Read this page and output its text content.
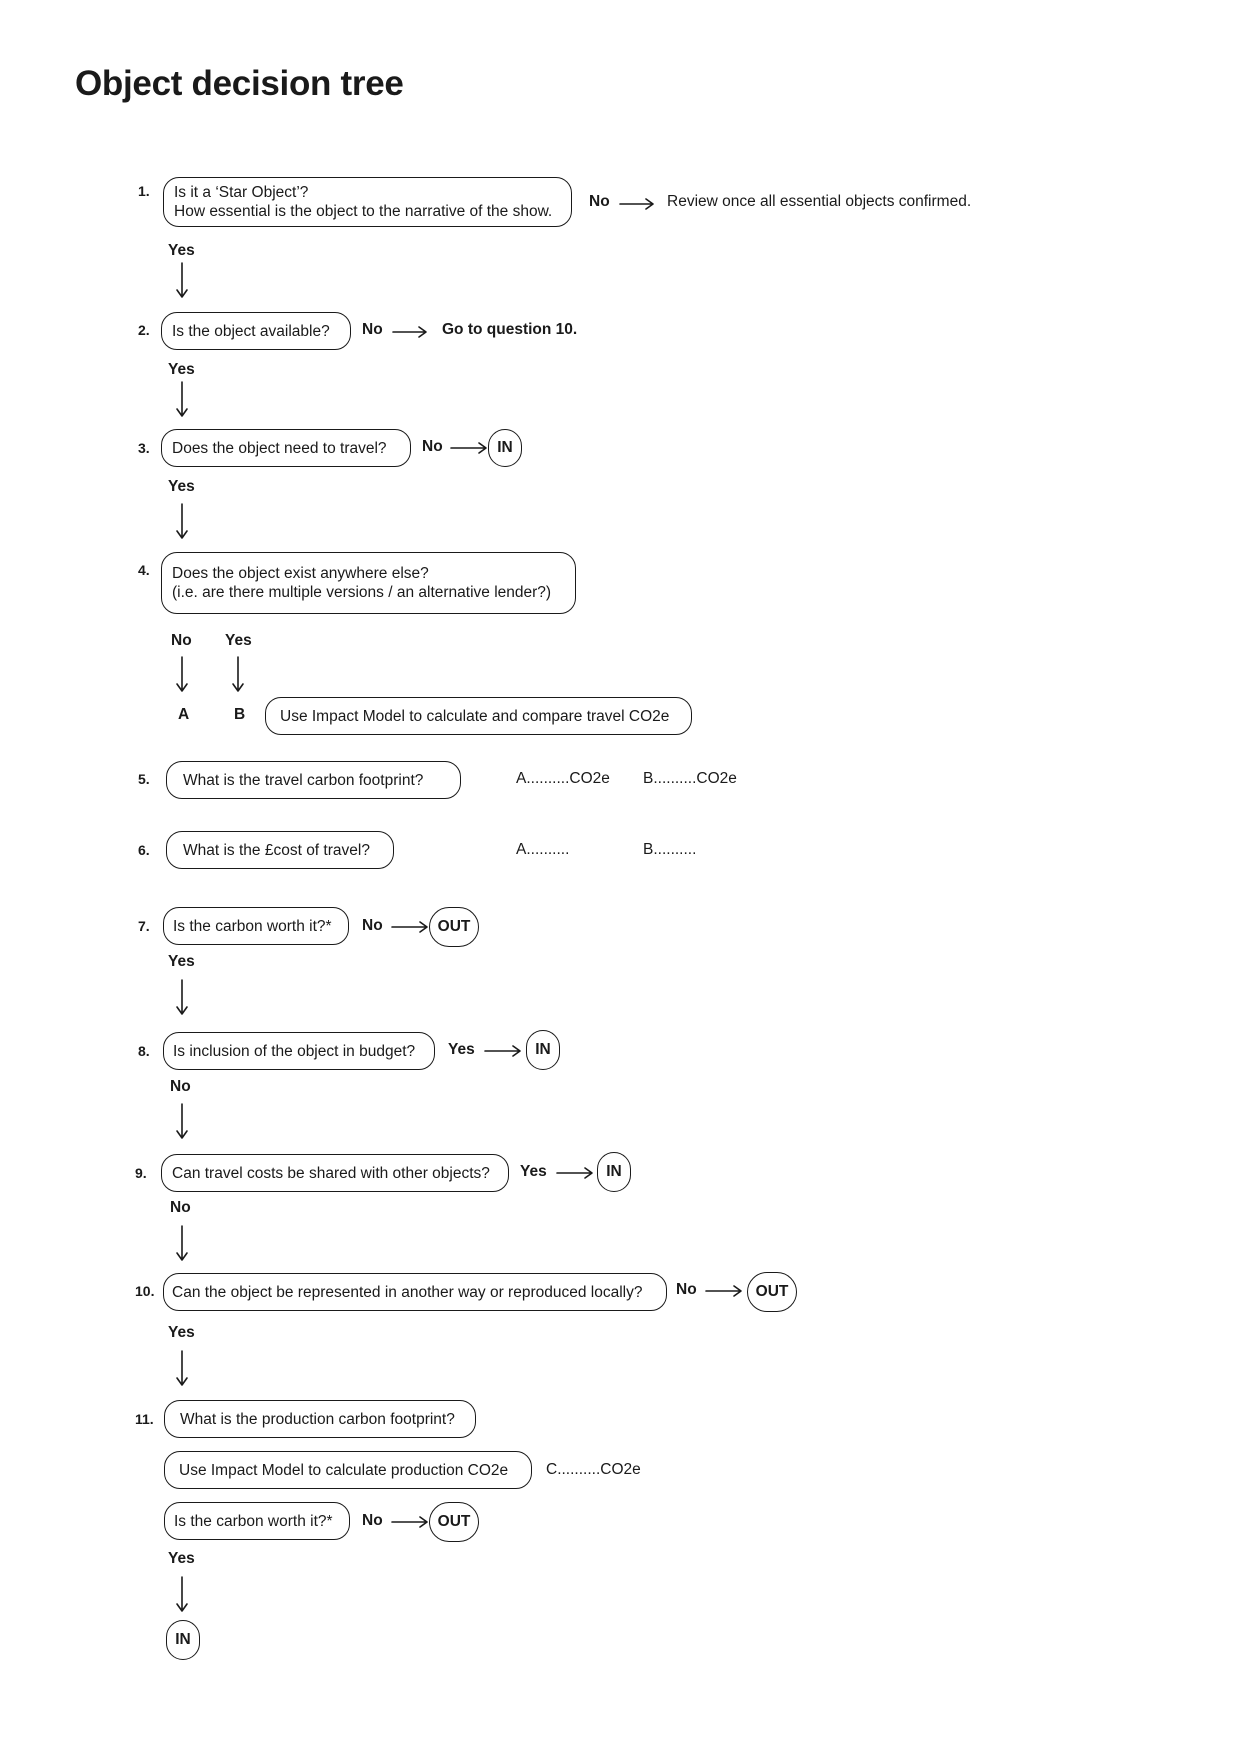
Object decision tree
1. Is it a ‘Star Object’?
How essential is the object to the narrative of the show.
No	Review once all essential objects confirmed.
Yes
2. Is the object available?	No	Go to question 10.
Yes
3. Does the object need to travel?	No	IN
Yes
4. Does the object exist anywhere else?
(i.e. are there multiple versions / an alternative lender?)
No Yes
A	B Use Impact Model to calculate and compare travel CO2e
5. What is the travel carbon footprint?	A..........CO2e B..........CO2e
6. What is the £cost of travel?	A..........	B..........
7. Is the carbon worth it?*	No	OUT
Yes
8. Is inclusion of the object in budget?	Yes	IN
No
9. Can travel costs be shared with other objects?	Yes	IN
No
10. Can the object be represented in another way or reproduced locally?	No	OUT
Yes
11. What is the production carbon footprint?
Use Impact Model to calculate production CO2e	C..........CO2e
Is the carbon worth it?*	No	OUT
Yes
IN
